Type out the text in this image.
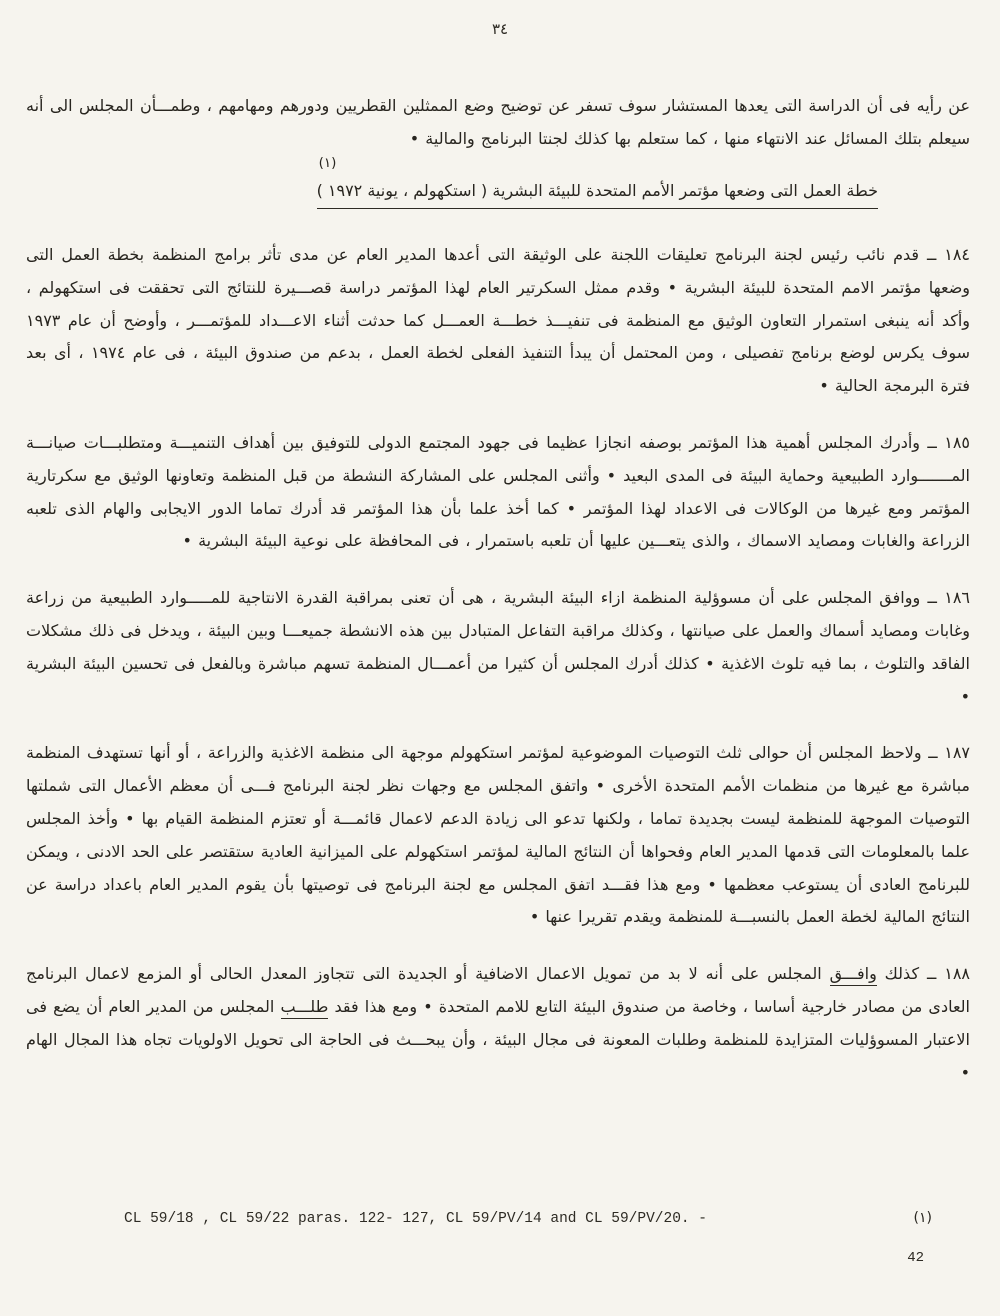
٣٤

عن رأيه فى أن الدراسة التى يعدها المستشار سوف تسفر عن توضيح وضع الممثلين القطريين ودورهم ومهامهم ، وطمـــأن المجلس الى أنه سيعلم بتلك المسائل عند الانتهاء منها ، كما ستعلم بها كذلك لجنتا البرنامج والمالية •

(١)
خطة العمل التى وضعها مؤتمر الأمم المتحدة للبيئة البشرية ( استكهولم ، يونية ١٩٧٢ )

١٨٤ ــ قدم نائب رئيس لجنة البرنامج تعليقات اللجنة على الوثيقة التى أعدها المدير العام عن مدى تأثر برامج المنظمة بخطة العمل التى وضعها مؤتمر الامم المتحدة للبيئة البشرية • وقدم ممثل السكرتير العام لهذا المؤتمر دراسة قصـــيرة للنتائج التى تحققت فى استكهولم ، وأكد أنه ينبغى استمرار التعاون الوثيق مع المنظمة فى تنفيـــذ خطـــة العمـــل كما حدثت أثناء الاعـــداد للمؤتمـــر ، وأوضح أن عام ١٩٧٣ سوف يكرس لوضع برنامج تفصيلى ، ومن المحتمل أن يبدأ التنفيذ الفعلى لخطة العمل ، بدعم من صندوق البيئة ، فى عام ١٩٧٤ ، أى بعد فترة البرمجة الحالية •

١٨٥ ــ وأدرك المجلس أهمية هذا المؤتمر بوصفه انجازا عظيما فى جهود المجتمع الدولى للتوفيق بين أهداف التنميـــة ومتطلبـــات صيانـــة المـــــــوارد الطبيعية وحماية البيئة فى المدى البعيد • وأثنى المجلس على المشاركة النشطة من قبل المنظمة وتعاونها الوثيق مع سكرتارية المؤتمر ومع غيرها من الوكالات فى الاعداد لهذا المؤتمر • كما أخذ علما بأن هذا المؤتمر قد أدرك تماما الدور الايجابى والهام الذى تلعبه الزراعة والغابات ومصايد الاسماك ، والذى يتعـــين عليها أن تلعبه باستمرار ، فى المحافظة على نوعية البيئة البشرية •

١٨٦ ــ ووافق المجلس على أن مسوؤلية المنظمة ازاء البيئة البشرية ، هى أن تعنى بمراقبة القدرة الانتاجية للمـــــوارد الطبيعية من زراعة وغابات ومصايد أسماك والعمل على صيانتها ، وكذلك مراقبة التفاعل المتبادل بين هذه الانشطة جميعـــا وبين البيئة ، ويدخل فى ذلك مشكلات الفاقد والتلوث ، بما فيه تلوث الاغذية • كذلك أدرك المجلس أن كثيرا من أعمـــال المنظمة تسهم مباشرة وبالفعل فى تحسين البيئة البشرية •

١٨٧ ــ ولاحظ المجلس أن حوالى ثلث التوصيات الموضوعية لمؤتمر استكهولم موجهة الى منظمة الاغذية والزراعة ، أو أنها تستهدف المنظمة مباشرة مع غيرها من منظمات الأمم المتحدة الأخرى • واتفق المجلس مع وجهات نظر لجنة البرنامج فـــى أن معظم الأعمال التى شملتها التوصيات الموجهة للمنظمة ليست بجديدة تماما ، ولكنها تدعو الى زيادة الدعم لاعمال قائمـــة أو تعتزم المنظمة القيام بها • وأخذ المجلس علما بالمعلومات التى قدمها المدير العام وفحواها أن النتائج المالية لمؤتمر استكهولم على الميزانية العادية ستقتصر على الحد الادنى ، ويمكن للبرنامج العادى أن يستوعب معظمها • ومع هذا فقـــد اتفق المجلس مع لجنة البرنامج فى توصيتها بأن يقوم المدير العام باعداد دراسة عن النتائج المالية لخطة العمل بالنسبـــة للمنظمة ويقدم تقريرا عنها •

١٨٨ ــ كذلك وافـــق المجلس على أنه لا بد من تمويل الاعمال الاضافية أو الجديدة التى تتجاوز المعدل الحالى أو المزمع لاعمال البرنامج العادى من مصادر خارجية أساسا ، وخاصة من صندوق البيئة التابع للامم المتحدة • ومع هذا فقد طلـــب المجلس من المدير العام أن يضع فى الاعتبار المسوؤليات المتزايدة للمنظمة وطلبات المعونة فى مجال البيئة ، وأن يبحـــث فى الحاجة الى تحويل الاولويات تجاه هذا المجال الهام •

(١)
CL 59/18 , CL 59/22 paras. 122- 127, CL 59/PV/14 and CL 59/PV/20. -
42
